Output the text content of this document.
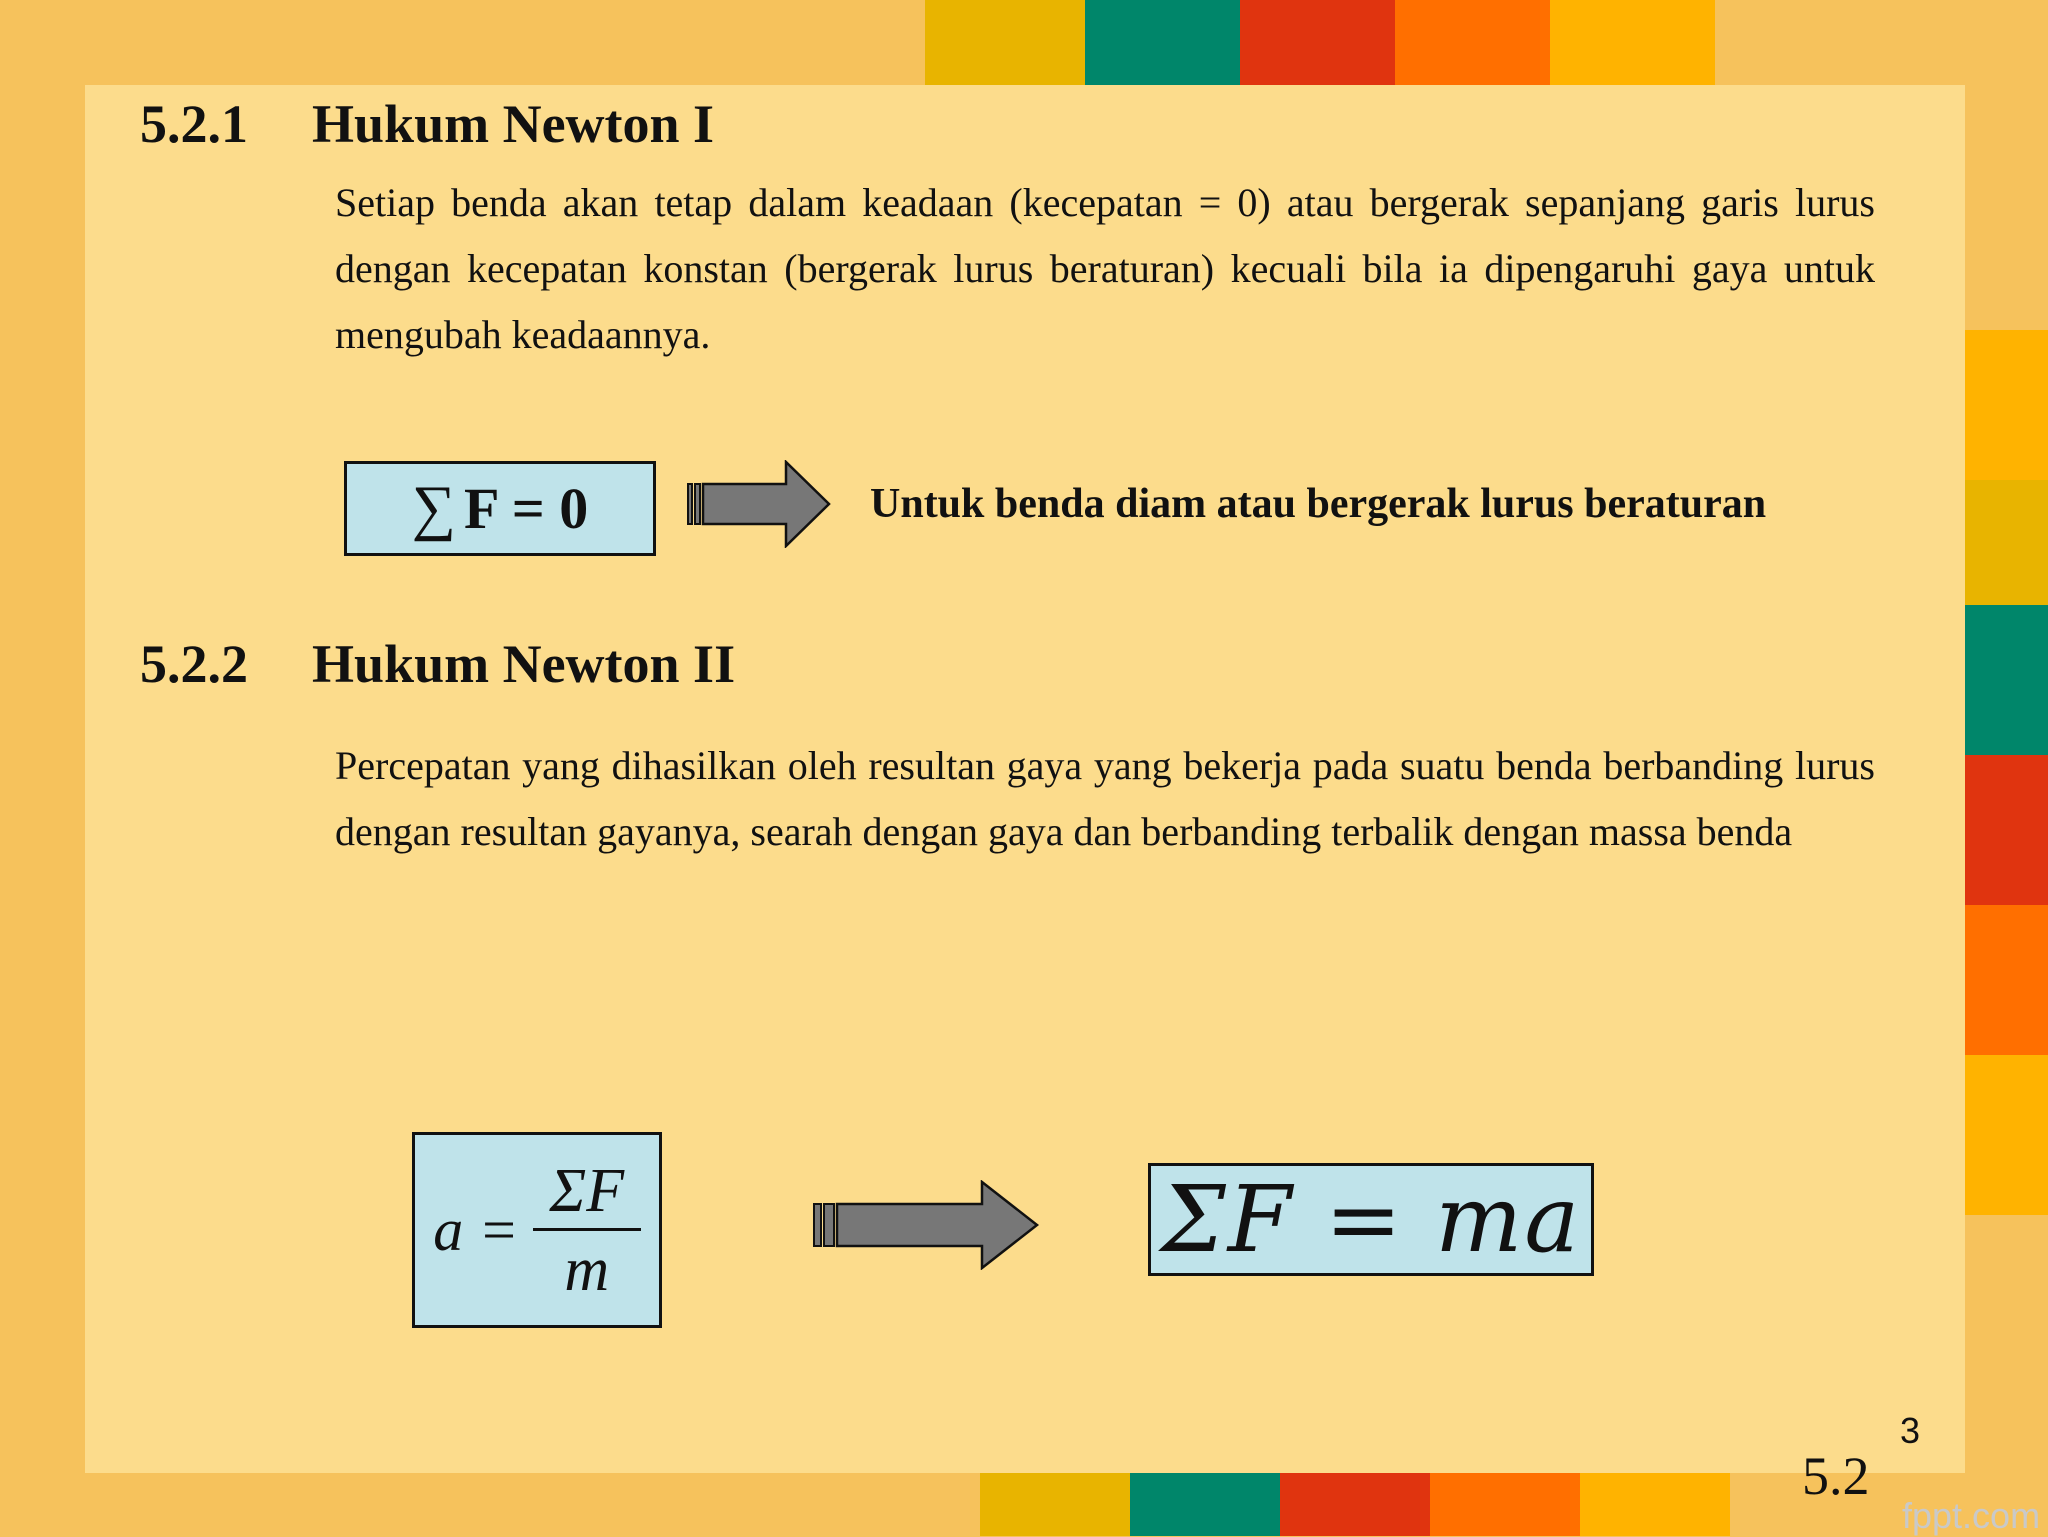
5.2.1 Hukum Newton I

Setiap benda akan tetap dalam keadaan (kecepatan = 0) atau bergerak sepanjang garis lurus dengan kecepatan konstan (bergerak lurus beraturan) kecuali bila ia dipengaruhi gaya untuk mengubah keadaannya.

∑ F = 0	Untuk benda diam atau bergerak lurus beraturan

5.2.2 Hukum Newton II

Percepatan yang dihasilkan oleh resultan gaya yang bekerja pada suatu benda berbanding lurus dengan resultan gayanya, searah dengan gaya dan berbanding terbalik dengan massa benda

$a = \frac{\Sigma F}{m}$	ΣF = ma

3

5.2

fppt.com
